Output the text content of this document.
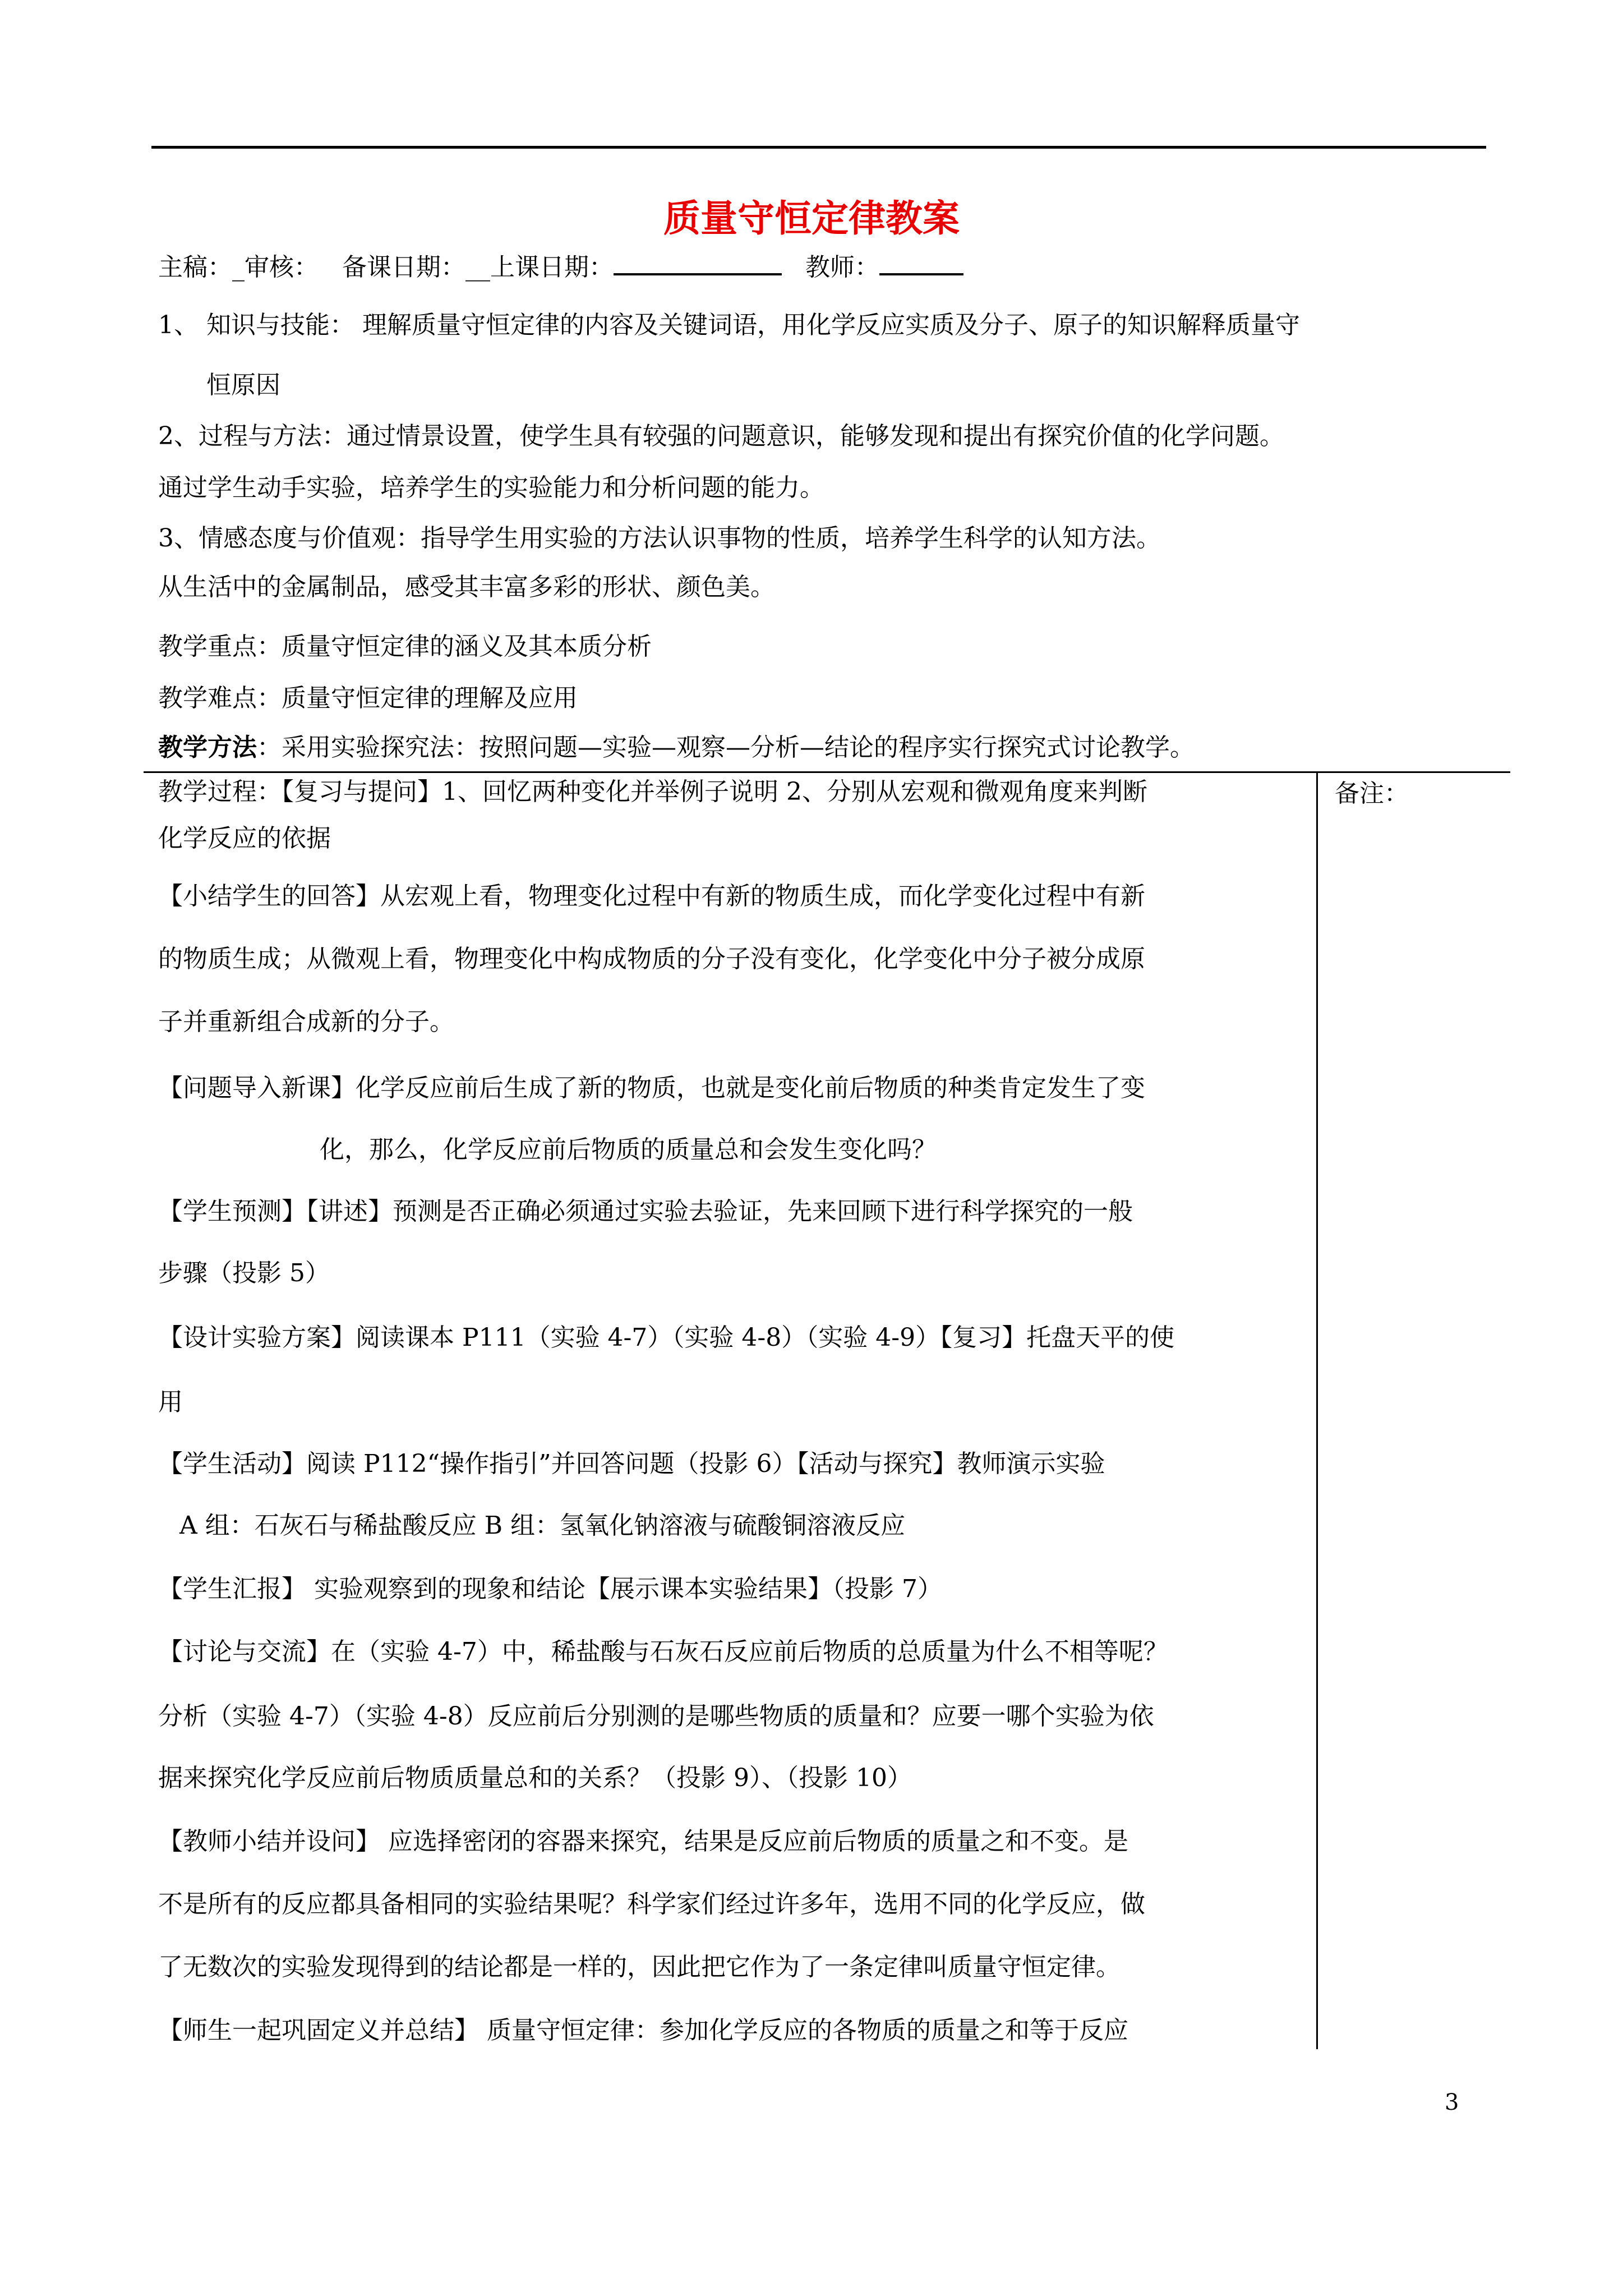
质量守恒定律教案
主稿：_审核： 备课日期：__上课日期：	教师：
1、 知识与技能： 理解质量守恒定律的内容及关键词语，用化学反应实质及分子、原子的知识解释质量守
恒原因
2、过程与方法：通过情景设置，使学生具有较强的问题意识，能够发现和提出有探究价值的化学问题。
通过学生动手实验，培养学生的实验能力和分析问题的能力。
3、情感态度与价值观：指导学生用实验的方法认识事物的性质，培养学生科学的认知方法。
从生活中的金属制品，感受其丰富多彩的形状、颜色美。
教学重点：质量守恒定律的涵义及其本质分析
教学难点：质量守恒定律的理解及应用
教学方法：采用实验探究法：按照问题—实验—观察—分析—结论的程序实行探究式讨论教学。
备注：
教学过程：【复习与提问】1、回忆两种变化并举例子说明 2、分别从宏观和微观角度来判断
化学反应的依据
【小结学生的回答】从宏观上看，物理变化过程中有新的物质生成，而化学变化过程中有新
的物质生成；从微观上看，物理变化中构成物质的分子没有变化，化学变化中分子被分成原
子并重新组合成新的分子。
【问题导入新课】化学反应前后生成了新的物质，也就是变化前后物质的种类肯定发生了变
化，那么，化学反应前后物质的质量总和会发生变化吗？
【学生预测】【讲述】预测是否正确必须通过实验去验证，先来回顾下进行科学探究的一般
步骤（投影 5）
【设计实验方案】阅读课本 P111（实验 4-7）（实验 4-8）（实验 4-9）【复习】托盘天平的使
用
【学生活动】阅读 P112“操作指引”并回答问题（投影 6）【活动与探究】教师演示实验
A 组：石灰石与稀盐酸反应 B 组：氢氧化钠溶液与硫酸铜溶液反应
【学生汇报】 实验观察到的现象和结论【展示课本实验结果】（投影 7）
【讨论与交流】在（实验 4-7）中，稀盐酸与石灰石反应前后物质的总质量为什么不相等呢？
分析（实验 4-7）（实验 4-8）反应前后分别测的是哪些物质的质量和？应要一哪个实验为依
据来探究化学反应前后物质质量总和的关系？（投影 9）、（投影 10）
【教师小结并设问】 应选择密闭的容器来探究，结果是反应前后物质的质量之和不变。是
不是所有的反应都具备相同的实验结果呢？科学家们经过许多年，选用不同的化学反应，做
了无数次的实验发现得到的结论都是一样的，因此把它作为了一条定律叫质量守恒定律。
【师生一起巩固定义并总结】 质量守恒定律：参加化学反应的各物质的质量之和等于反应
3
